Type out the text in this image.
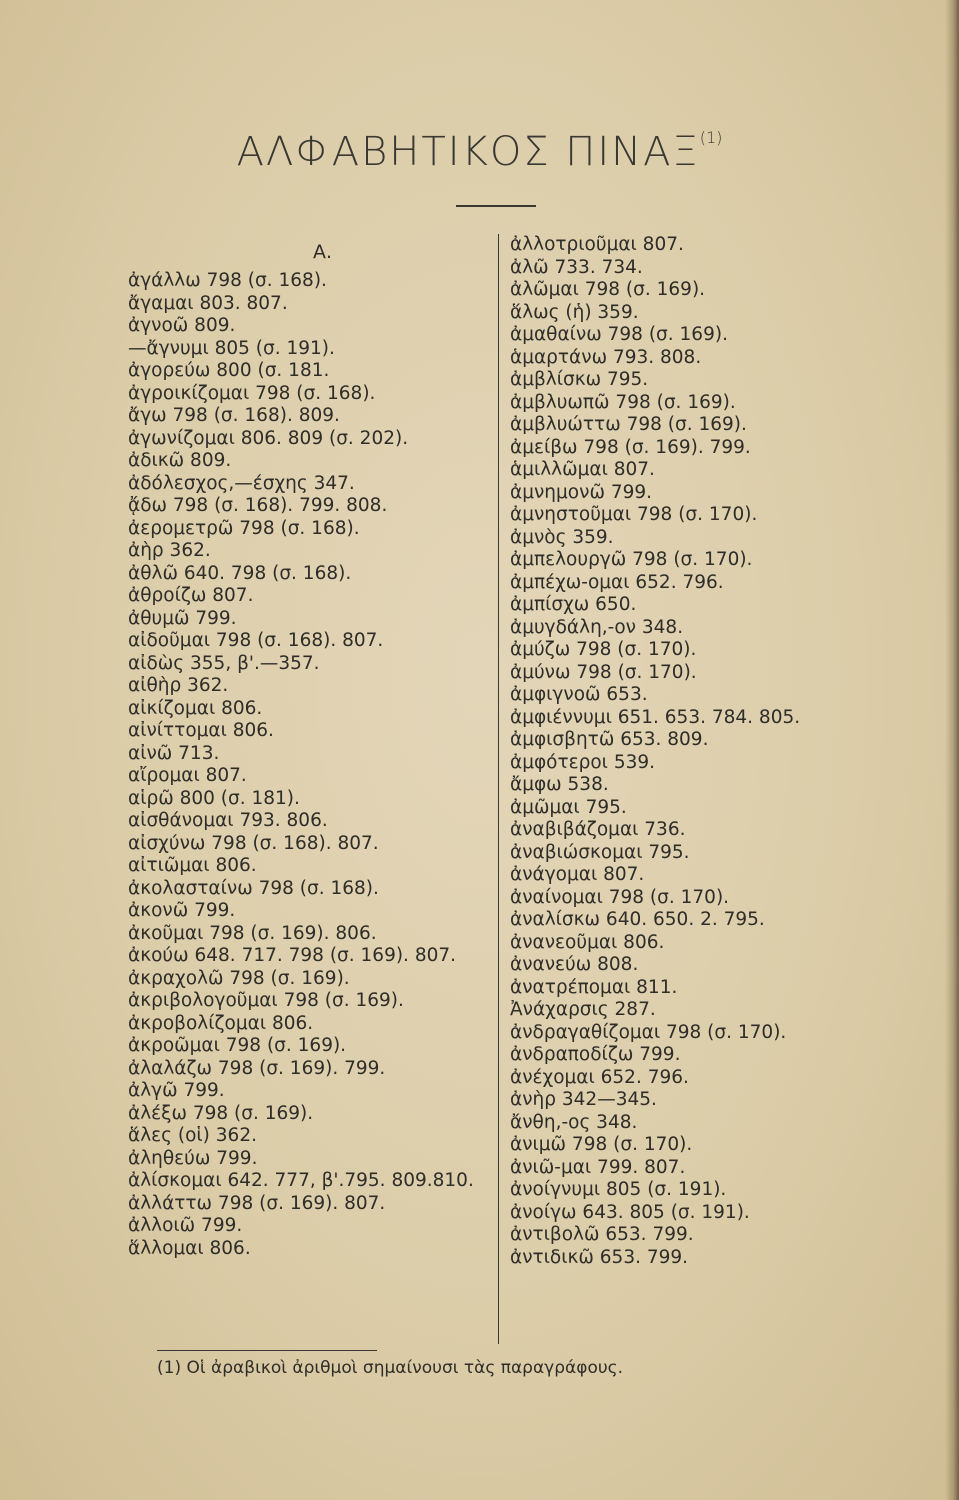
ΑΛΦΑΒΗΤΙΚΟΣ ΠΙΝΑΞ$^{(1)}$
Α.
ἀγάλλω 798 (σ. 168).
ἄγαμαι 803. 807.
ἀγνοῶ 809.
—ἄγνυμι 805 (σ. 191).
ἀγορεύω 800 (σ. 181.
ἀγροικίζομαι 798 (σ. 168).
ἄγω 798 (σ. 168). 809.
ἀγωνίζομαι 806. 809 (σ. 202).
ἀδικῶ 809.
ἀδόλεσχος,—έσχης 347.
ᾄδω 798 (σ. 168). 799. 808.
ἀερομετρῶ 798 (σ. 168).
ἀὴρ 362.
ἀθλῶ 640. 798 (σ. 168).
ἀθροίζω 807.
ἀθυμῶ 799.
αἰδοῦμαι 798 (σ. 168). 807.
αἰδὼς 355, β'.—357.
αἰθὴρ 362.
αἰκίζομαι 806.
αἰνίττομαι 806.
αἰνῶ 713.
αἴρομαι 807.
αἱρῶ 800 (σ. 181).
αἰσθάνομαι 793. 806.
αἰσχύνω 798 (σ. 168). 807.
αἰτιῶμαι 806.
ἀκολασταίνω 798 (σ. 168).
ἀκονῶ 799.
ἀκοῦμαι 798 (σ. 169). 806.
ἀκούω 648. 717. 798 (σ. 169). 807.
ἀκραχολῶ 798 (σ. 169).
ἀκριβολογοῦμαι 798 (σ. 169).
ἀκροβολίζομαι 806.
ἀκροῶμαι 798 (σ. 169).
ἀλαλάζω 798 (σ. 169). 799.
ἀλγῶ 799.
ἀλέξω 798 (σ. 169).
ἅλες (οἱ) 362.
ἀληθεύω 799.
ἀλίσκομαι 642. 777, β'.795. 809.810.
ἀλλάττω 798 (σ. 169). 807.
ἀλλοιῶ 799.
ἅλλομαι 806.
ἀλλοτριοῦμαι 807.
ἀλῶ 733. 734.
ἀλῶμαι 798 (σ. 169).
ἅλως (ἡ) 359.
ἀμαθαίνω 798 (σ. 169).
ἁμαρτάνω 793. 808.
ἀμβλίσκω 795.
ἀμβλυωπῶ 798 (σ. 169).
ἀμβλυώττω 798 (σ. 169).
ἀμείβω 798 (σ. 169). 799.
ἁμιλλῶμαι 807.
ἀμνημονῶ 799.
ἀμνηστοῦμαι 798 (σ. 170).
ἀμνὸς 359.
ἀμπελουργῶ 798 (σ. 170).
ἀμπέχω-ομαι 652. 796.
ἀμπίσχω 650.
ἀμυγδάλη,-ον 348.
ἀμύζω 798 (σ. 170).
ἀμύνω 798 (σ. 170).
ἀμφιγνοῶ 653.
ἀμφιέννυμι 651. 653. 784. 805.
ἀμφισβητῶ 653. 809.
ἀμφότεροι 539.
ἄμφω 538.
ἀμῶμαι 795.
ἀναβιβάζομαι 736.
ἀναβιώσκομαι 795.
ἀνάγομαι 807.
ἀναίνομαι 798 (σ. 170).
ἀναλίσκω 640. 650. 2. 795.
ἀνανεοῦμαι 806.
ἀνανεύω 808.
ἀνατρέπομαι 811.
Ἀνάχαρσις 287.
ἀνδραγαθίζομαι 798 (σ. 170).
ἀνδραποδίζω 799.
ἀνέχομαι 652. 796.
ἀνὴρ 342—345.
ἄνθη,-ος 348.
ἀνιμῶ 798 (σ. 170).
ἀνιῶ-μαι 799. 807.
ἀνοίγνυμι 805 (σ. 191).
ἀνοίγω 643. 805 (σ. 191).
ἀντιβολῶ 653. 799.
ἀντιδικῶ 653. 799.
(1) Οἱ ἀραβικοὶ ἀριθμοὶ σημαίνουσι τὰς παραγράφους.
